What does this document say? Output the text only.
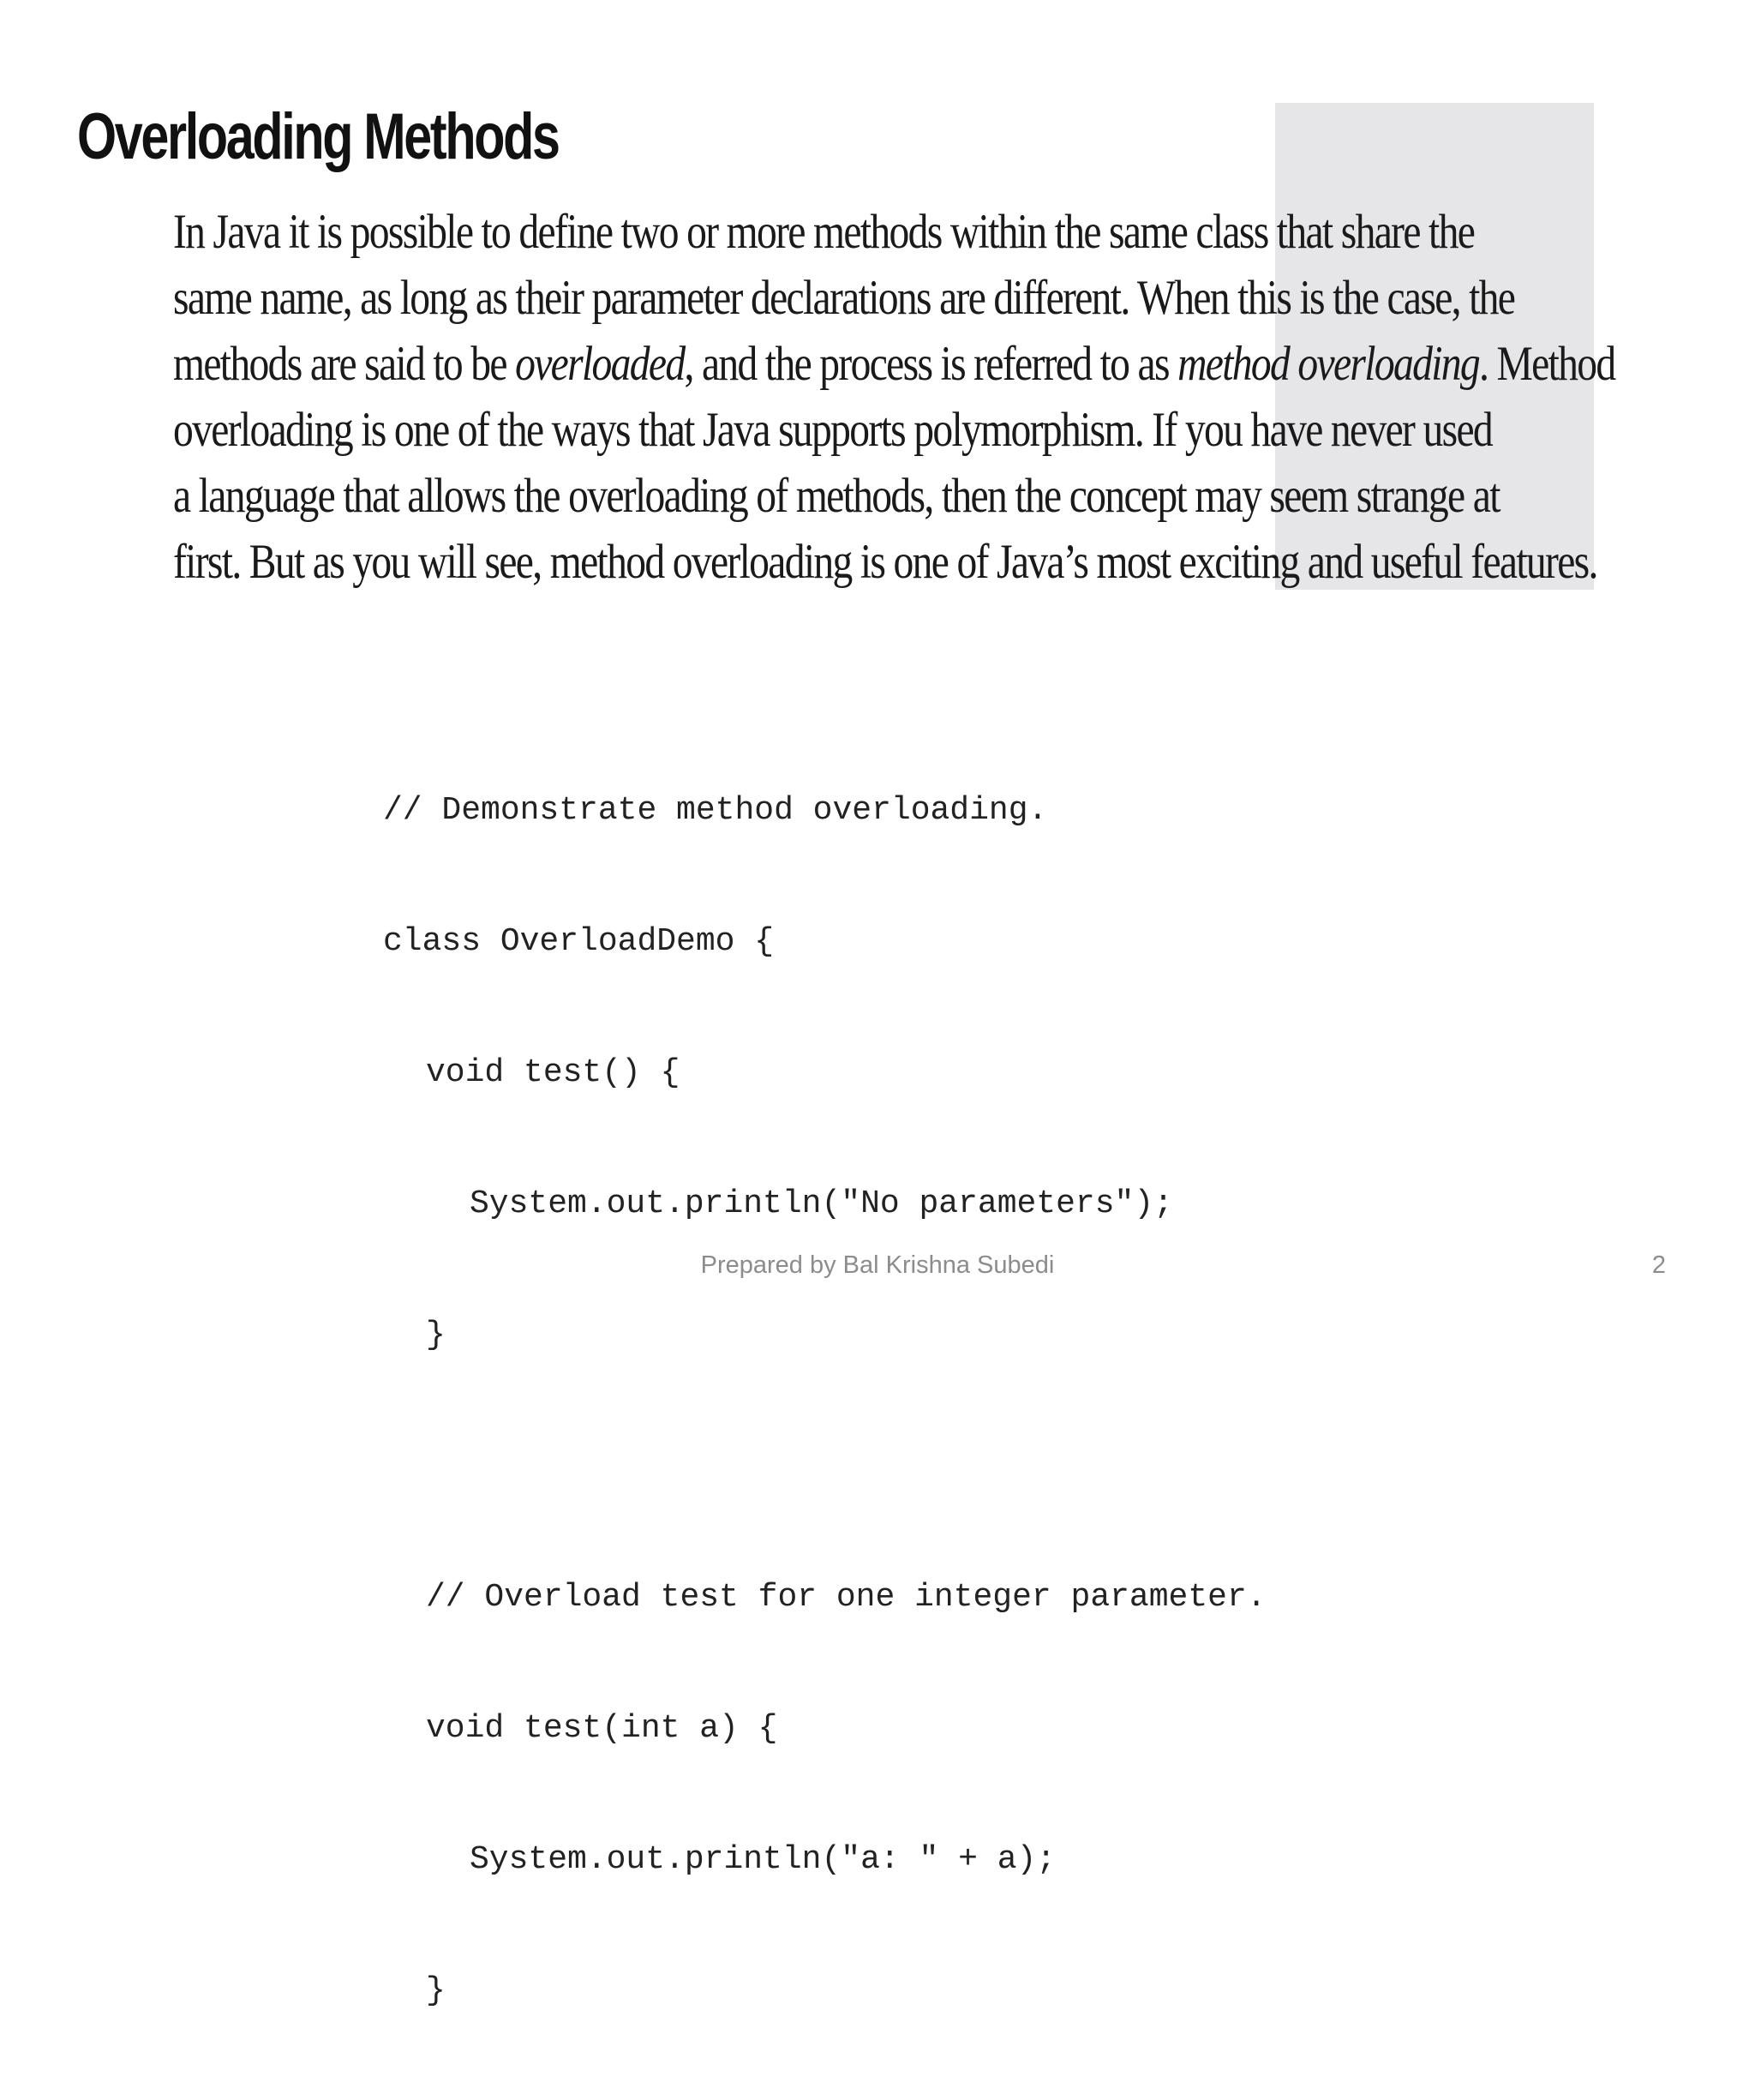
Overloading Methods
In Java it is possible to define two or more methods within the same class that share the
same name, as long as their parameter declarations are different. When this is the case, the
methods are said to be overloaded, and the process is referred to as method overloading. Method
overloading is one of the ways that Java supports polymorphism. If you have never used
a language that allows the overloading of methods, then the concept may seem strange at
first. But as you will see, method overloading is one of Java’s most exciting and useful features.

// Demonstrate method overloading.

class OverloadDemo {

void test() {

System.out.println("No parameters");

}

// Overload test for one integer parameter.

void test(int a) {

System.out.println("a: " + a);

}

Prepared by Bal Krishna Subedi	2
